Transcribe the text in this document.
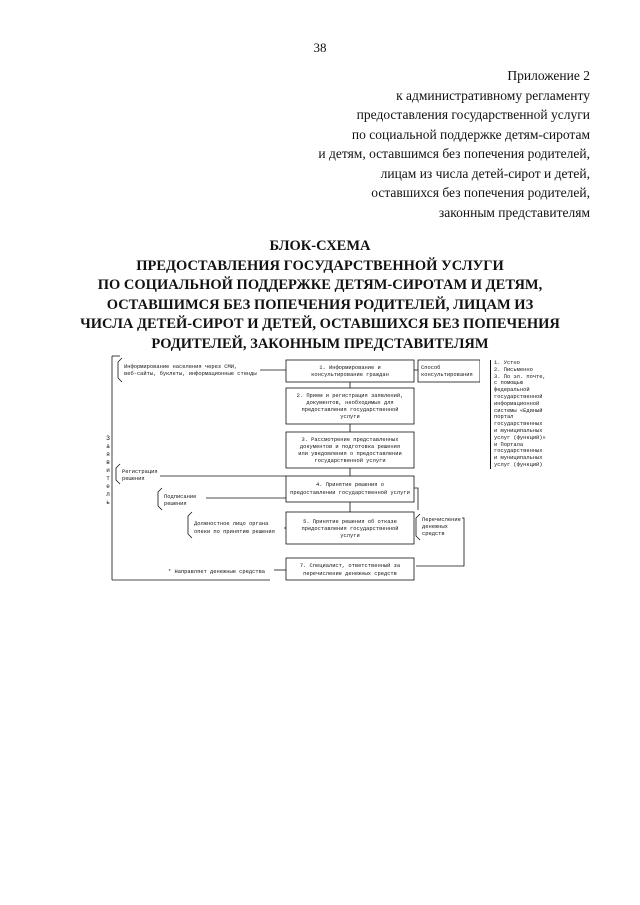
38
Приложение 2
к административному регламенту
предоставления государственной услуги
по социальной поддержке детям-сиротам
и детям, оставшимся без попечения родителей,
лицам из числа детей-сирот и детей,
оставшихся без попечения родителей,
законным представителям
БЛОК-СХЕМА
ПРЕДОСТАВЛЕНИЯ ГОСУДАРСТВЕННОЙ УСЛУГИ
ПО СОЦИАЛЬНОЙ ПОДДЕРЖКЕ ДЕТЯМ-СИРОТАМ И ДЕТЯМ,
ОСТАВШИМСЯ БЕЗ ПОПЕЧЕНИЯ РОДИТЕЛЕЙ, ЛИЦАМ ИЗ
ЧИСЛА ДЕТЕЙ-СИРОТ И ДЕТЕЙ, ОСТАВШИХСЯ БЕЗ ПОПЕЧЕНИЯ
РОДИТЕЛЕЙ, ЗАКОННЫМ ПРЕДСТАВИТЕЛЯМ
З
а
я
в
и
т
е
л
ь
Информирование населения через СМИ,
веб-сайты, буклеты, информационные стенды
1. Информирование и
консультирование граждан
Способ
консультирования
2. Прием и регистрация заявлений,
документов, необходимых для
предоставления государственной
услуги
3. Рассмотрение представленных
документов и подготовка решения
или уведомления о предоставлении
государственной услуги
Регистрация
решения
4. Принятие решения о
предоставлении государственной услуги
Подписание
решения
Должностное лицо органа
опеки по принятию решения
5. Принятие решения об отказе
предоставления государственной
услуги
Перечисление
денежных
средств
7. Специалист, ответственный за
перечисление денежных средств
* Направляет денежные средства
1. Устно
2. Письменно
3. По эл. почте,
с помощью
федеральной
государственной
информационной
системы «Единый
портал
государственных
и муниципальных
услуг (функций)»
и Портала
государственных
и муниципальных
услуг (функций)
